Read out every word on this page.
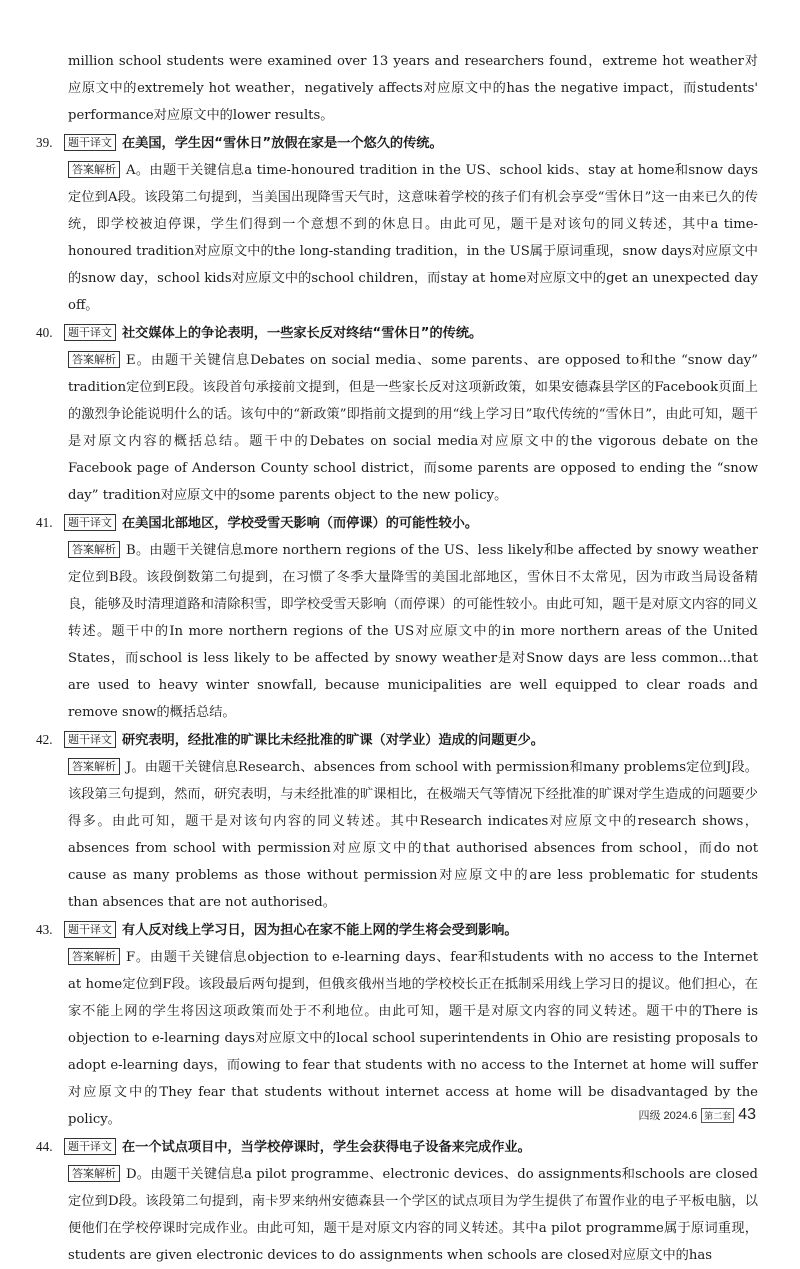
million school students were examined over 13 years and researchers found，extreme hot weather对应原文中的extremely hot weather，negatively affects对应原文中的has the negative impact，而students' performance对应原文中的lower results。

39. 题干译文 在美国，学生因“雪休日”放假在家是一个悠久的传统。

答案解析 A。由题干关键信息a time-honoured tradition in the US、school kids、stay at home和snow days定位到A段。该段第二句提到，当美国出现降雪天气时，这意味着学校的孩子们有机会享受“雪休日”这一由来已久的传统，即学校被迫停课，学生们得到一个意想不到的休息日。由此可见，题干是对该句的同义转述，其中a time-honoured tradition对应原文中的the long-standing tradition，in the US属于原词重现，snow days对应原文中的snow day，school kids对应原文中的school children，而stay at home对应原文中的get an unexpected day off。

40. 题干译文 社交媒体上的争论表明，一些家长反对终结“雪休日”的传统。

答案解析 E。由题干关键信息Debates on social media、some parents、are opposed to和the “snow day” tradition定位到E段。该段首句承接前文提到，但是一些家长反对这项新政策，如果安德森县学区的Facebook页面上的激烈争论能说明什么的话。该句中的“新政策”即指前文提到的用“线上学习日”取代传统的“雪休日”，由此可知，题干是对原文内容的概括总结。题干中的Debates on social media对应原文中的the vigorous debate on the Facebook page of Anderson County school district，而some parents are opposed to ending the “snow day” tradition对应原文中的some parents object to the new policy。

41. 题干译文 在美国北部地区，学校受雪天影响（而停课）的可能性较小。

答案解析 B。由题干关键信息more northern regions of the US、less likely和be affected by snowy weather定位到B段。该段倒数第二句提到，在习惯了冬季大量降雪的美国北部地区，雪休日不太常见，因为市政当局设备精良，能够及时清理道路和清除积雪，即学校受雪天影响（而停课）的可能性较小。由此可知，题干是对原文内容的同义转述。题干中的In more northern regions of the US对应原文中的in more northern areas of the United States，而school is less likely to be affected by snowy weather是对Snow days are less common...that are used to heavy winter snowfall, because municipalities are well equipped to clear roads and remove snow的概括总结。

42. 题干译文 研究表明，经批准的旷课比未经批准的旷课（对学业）造成的问题更少。

答案解析 J。由题干关键信息Research、absences from school with permission和many problems定位到J段。该段第三句提到，然而，研究表明，与未经批准的旷课相比，在极端天气等情况下经批准的旷课对学生造成的问题要少得多。由此可知，题干是对该句内容的同义转述。其中Research indicates对应原文中的research shows，absences from school with permission对应原文中的that authorised absences from school，而do not cause as many problems as those without permission对应原文中的are less problematic for students than absences that are not authorised。

43. 题干译文 有人反对线上学习日，因为担心在家不能上网的学生将会受到影响。

答案解析 F。由题干关键信息objection to e-learning days、fear和students with no access to the Internet at home定位到F段。该段最后两句提到，但俄亥俄州当地的学校校长正在抵制采用线上学习日的提议。他们担心，在家不能上网的学生将因这项政策而处于不利地位。由此可知，题干是对原文内容的同义转述。题干中的There is objection to e-learning days对应原文中的local school superintendents in Ohio are resisting proposals to adopt e-learning days，而owing to fear that students with no access to the Internet at home will suffer对应原文中的They fear that students without internet access at home will be disadvantaged by the policy。

44. 题干译文 在一个试点项目中，当学校停课时，学生会获得电子设备来完成作业。

答案解析 D。由题干关键信息a pilot programme、electronic devices、do assignments和schools are closed定位到D段。该段第二句提到，南卡罗来纳州安德森县一个学区的试点项目为学生提供了布置作业的电子平板电脑，以便他们在学校停课时完成作业。由此可知，题干是对原文内容的同义转述。其中a pilot programme属于原词重现，students are given electronic devices to do assignments when schools are closed对应原文中的has

四级 2024.6 第二套 43
